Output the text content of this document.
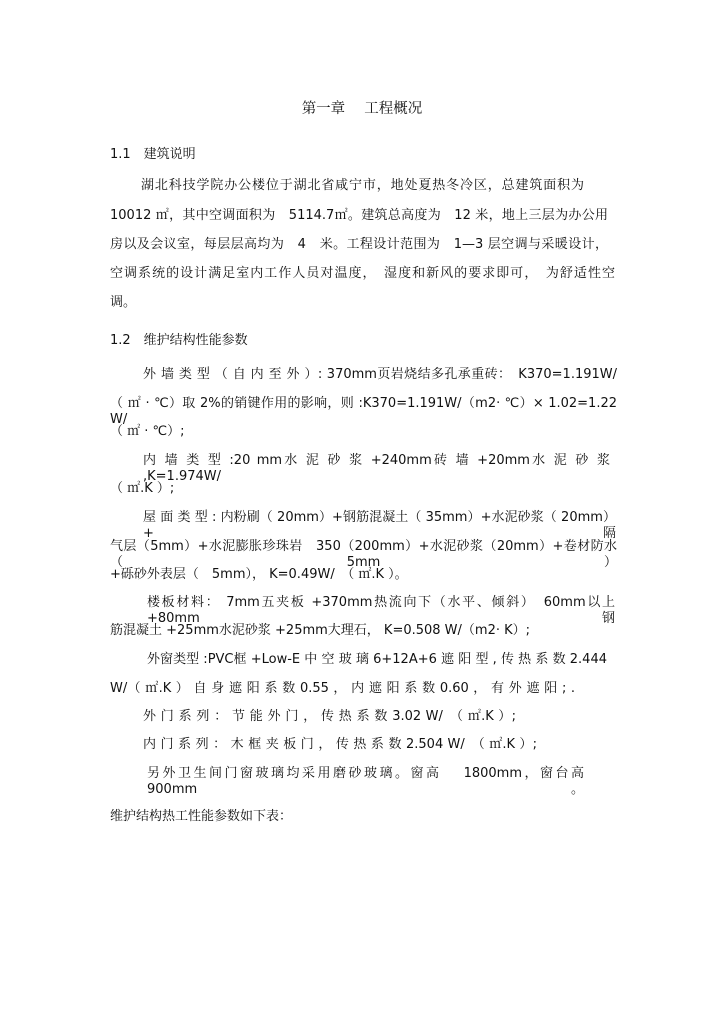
第一章　 工程概况
1.1　建筑说明
湖北科技学院办公楼位于湖北省咸宁市，地处夏热冬冷区，总建筑面积为
10012 ㎡，其中空调面积为　5114.7㎡。建筑总高度为　12 米，地上三层为办公用
房以及会议室，每层层高均为　4　米。工程设计范围为　1—3 层空调与采暖设计，
空调系统的设计满足室内工作人员对温度，　湿度和新风的要求即可，　为舒适性空
调。
1.2　维护结构性能参数
外 墙 类 型 （ 自 内 至 外 ）: 370mm页岩烧结多孔承重砖：　K370=1.191W/
（ ㎡ · ℃）取 2%的销键作用的影响，则 :K370=1.191W/（m2· ℃）× 1.02=1.22 W/
（ ㎡ · ℃）;
内 墙 类 型 :20 mm水 泥 砂 浆 +240mm砖 墙 +20mm水 泥 砂 浆 ,K=1.974W/
（ ㎡.K ）;
屋 面 类 型 : 内粉刷（ 20mm）+钢筋混凝土（ 35mm）+水泥砂浆（ 20mm）+隔
气层（5mm）+水泥膨胀珍珠岩　350（200mm）+水泥砂浆（20mm）+卷材防水（5mm）
+砾砂外表层（　5mm）， K=0.49W/　（ ㎡.K ）。
楼板材料： 7mm五夹板 +370mm热流向下（水平、倾斜）　60mm以上 +80mm钢
筋混凝土 +25mm水泥砂浆 +25mm大理石， K=0.508 W/（m2· K）;
外窗类型 :PVC框 +Low-E 中 空 玻 璃 6+12A+6 遮 阳 型 , 传 热 系 数 2.444
W/（ ㎡.K ） 自 身 遮 阳 系 数 0.55 ， 内 遮 阳 系 数 0.60 ， 有 外 遮 阳 ; .
外 门 系 列 ： 节 能 外 门 ， 传 热 系 数 3.02 W/　（ ㎡.K ）;
内 门 系 列 ： 木 框 夹 板 门 ， 传 热 系 数 2.504 W/　（ ㎡.K ）;
另外卫生间门窗玻璃均采用磨砂玻璃。窗高　 1800mm，窗台高 900mm。
维护结构热工性能参数如下表：
